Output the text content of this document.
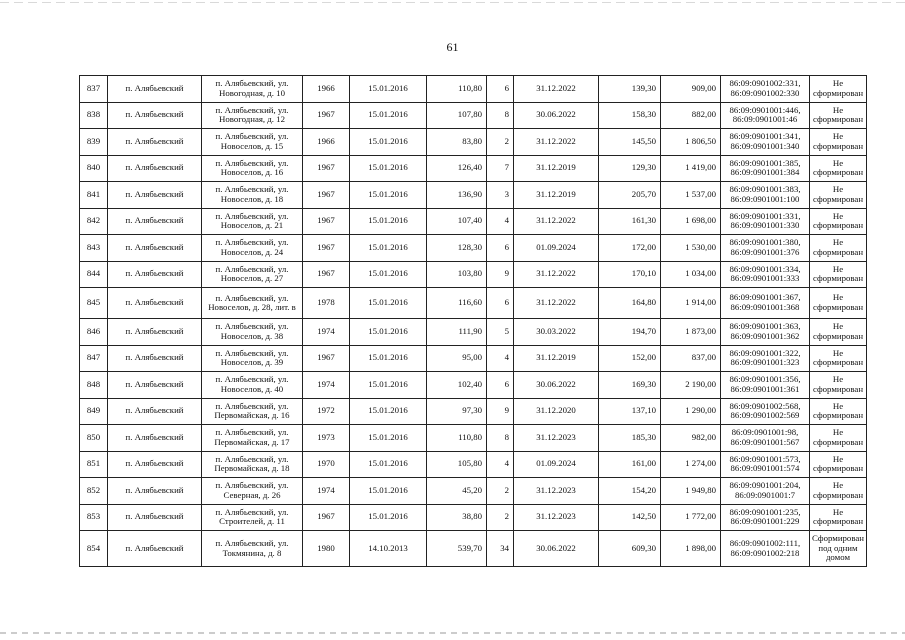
61
837	п. Алябьевский	п. Алябьевский, ул. Новогодная, д. 10	1966	15.01.2016	110,80	6	31.12.2022	139,30	909,00	86:09:0901002:331, 86:09:0901002:330	Не сформирован
838	п. Алябьевский	п. Алябьевский, ул. Новогодная, д. 12	1967	15.01.2016	107,80	8	30.06.2022	158,30	882,00	86:09:0901001:446, 86:09:0901001:46	Не сформирован
839	п. Алябьевский	п. Алябьевский, ул. Новоселов, д. 15	1966	15.01.2016	83,80	2	31.12.2022	145,50	1 806,50	86:09:0901001:341, 86:09:0901001:340	Не сформирован
840	п. Алябьевский	п. Алябьевский, ул. Новоселов, д. 16	1967	15.01.2016	126,40	7	31.12.2019	129,30	1 419,00	86:09:0901001:385, 86:09:0901001:384	Не сформирован
841	п. Алябьевский	п. Алябьевский, ул. Новоселов, д. 18	1967	15.01.2016	136,90	3	31.12.2019	205,70	1 537,00	86:09:0901001:383, 86:09:0901001:100	Не сформирован
842	п. Алябьевский	п. Алябьевский, ул. Новоселов, д. 21	1967	15.01.2016	107,40	4	31.12.2022	161,30	1 698,00	86:09:0901001:331, 86:09:0901001:330	Не сформирован
843	п. Алябьевский	п. Алябьевский, ул. Новоселов, д. 24	1967	15.01.2016	128,30	6	01.09.2024	172,00	1 530,00	86:09:0901001:380, 86:09:0901001:376	Не сформирован
844	п. Алябьевский	п. Алябьевский, ул. Новоселов, д. 27	1967	15.01.2016	103,80	9	31.12.2022	170,10	1 034,00	86:09:0901001:334, 86:09:0901001:333	Не сформирован
845	п. Алябьевский	п. Алябьевский, ул. Новоселов, д. 28, лит. в	1978	15.01.2016	116,60	6	31.12.2022	164,80	1 914,00	86:09:0901001:367, 86:09:0901001:368	Не сформирован
846	п. Алябьевский	п. Алябьевский, ул. Новоселов, д. 38	1974	15.01.2016	111,90	5	30.03.2022	194,70	1 873,00	86:09:0901001:363, 86:09:0901001:362	Не сформирован
847	п. Алябьевский	п. Алябьевский, ул. Новоселов, д. 39	1967	15.01.2016	95,00	4	31.12.2019	152,00	837,00	86:09:0901001:322, 86:09:0901001:323	Не сформирован
848	п. Алябьевский	п. Алябьевский, ул. Новоселов, д. 40	1974	15.01.2016	102,40	6	30.06.2022	169,30	2 190,00	86:09:0901001:356, 86:09:0901001:361	Не сформирован
849	п. Алябьевский	п. Алябьевский, ул. Первомайская, д. 16	1972	15.01.2016	97,30	9	31.12.2020	137,10	1 290,00	86:09:0901002:568, 86:09:0901002:569	Не сформирован
850	п. Алябьевский	п. Алябьевский, ул. Первомайская, д. 17	1973	15.01.2016	110,80	8	31.12.2023	185,30	982,00	86:09:0901001:98, 86:09:0901001:567	Не сформирован
851	п. Алябьевский	п. Алябьевский, ул. Первомайская, д. 18	1970	15.01.2016	105,80	4	01.09.2024	161,00	1 274,00	86:09:0901001:573, 86:09:0901001:574	Не сформирован
852	п. Алябьевский	п. Алябьевский, ул. Северная, д. 26	1974	15.01.2016	45,20	2	31.12.2023	154,20	1 949,80	86:09:0901001:204, 86:09:0901001:7	Не сформирован
853	п. Алябьевский	п. Алябьевский, ул. Строителей, д. 11	1967	15.01.2016	38,80	2	31.12.2023	142,50	1 772,00	86:09:0901001:235, 86:09:0901001:229	Не сформирован
854	п. Алябьевский	п. Алябьевский, ул. Токмянина, д. 8	1980	14.10.2013	539,70	34	30.06.2022	609,30	1 898,00	86:09:0901002:111, 86:09:0901002:218	Сформирован под одним домом
